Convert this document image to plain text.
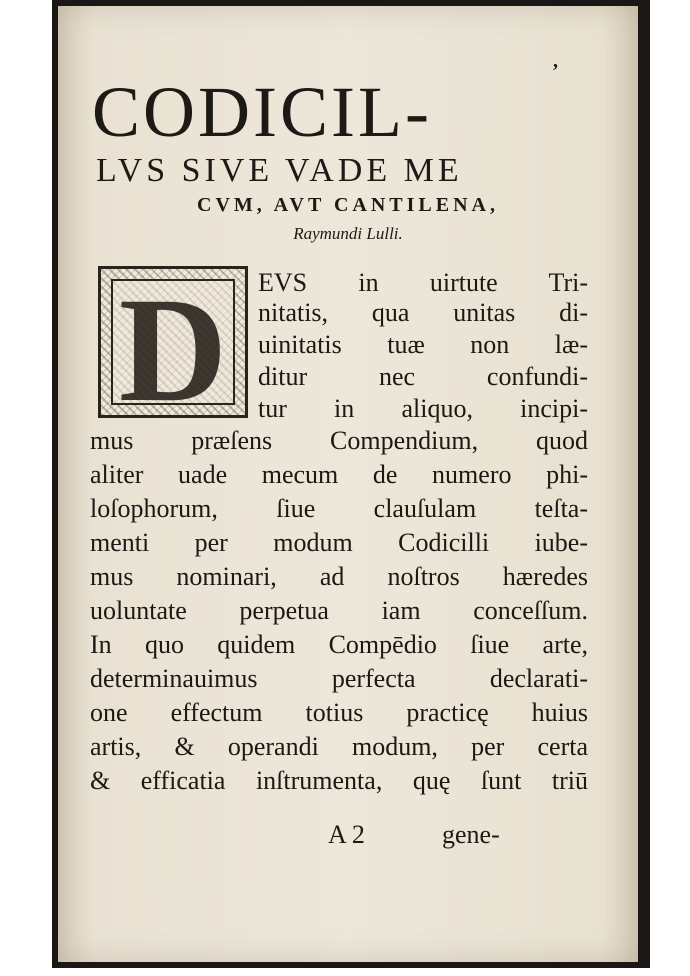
’
CODICIL-
LVS SIVE VADE ME
CVM, AVT CANTILENA,
Raymundi Lulli.
D EVS in uirtute Tri-
nitatis, qua unitas di-
uinitatis tuæ non læ-
ditur nec confundi-
tur in aliquo, incipi-
mus præſens Compendium, quod
aliter uade mecum de numero phi-
loſophorum, ſiue clauſulam teſta-
menti per modum Codicilli iube-
mus nominari, ad noſtros hæredes
uoluntate perpetua iam conceſſum.
In quo quidem Compēdio ſiue arte,
determinauimus perfecta declarati-
one effectum totius practicę huius
artis, & operandi modum, per certa
& efficatia inſtrumenta, quę ſunt triū
A 2	gene-
